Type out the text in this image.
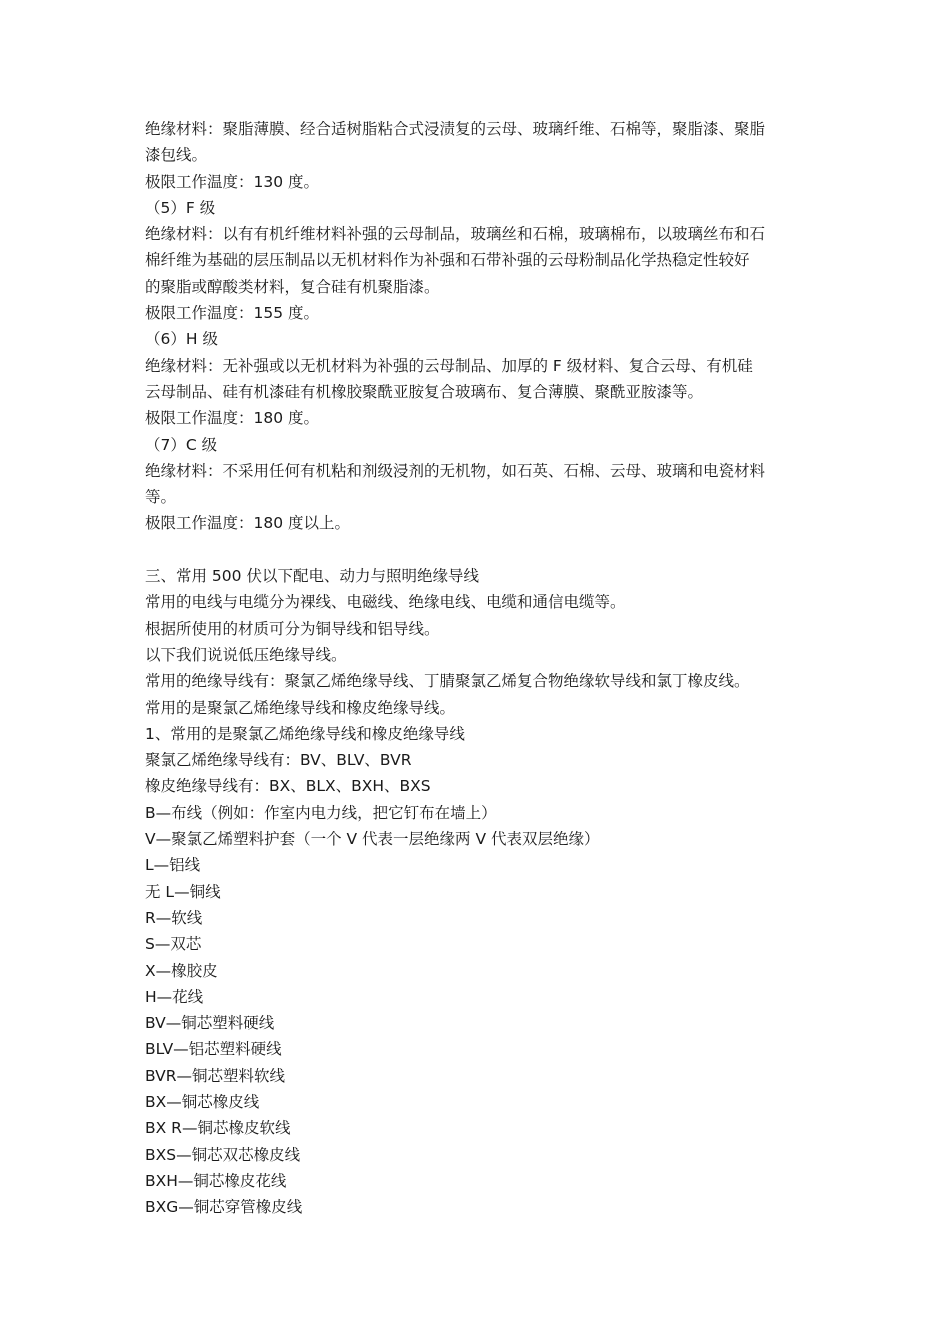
绝缘材料：聚脂薄膜、经合适树脂粘合式浸渍复的云母、玻璃纤维、石棉等，聚脂漆、聚脂
漆包线。
极限工作温度：130 度。
（5）F 级
绝缘材料：以有有机纤维材料补强的云母制品，玻璃丝和石棉，玻璃棉布，以玻璃丝布和石
棉纤维为基础的层压制品以无机材料作为补强和石带补强的云母粉制品化学热稳定性较好
的聚脂或醇酸类材料，复合硅有机聚脂漆。
极限工作温度：155 度。
（6）H 级
绝缘材料：无补强或以无机材料为补强的云母制品、加厚的 F 级材料、复合云母、有机硅
云母制品、硅有机漆硅有机橡胶聚酰亚胺复合玻璃布、复合薄膜、聚酰亚胺漆等。
极限工作温度：180 度。
（7）C 级
绝缘材料：不采用任何有机粘和剂级浸剂的无机物，如石英、石棉、云母、玻璃和电瓷材料
等。
极限工作温度：180 度以上。
三、常用 500 伏以下配电、动力与照明绝缘导线
常用的电线与电缆分为裸线、电磁线、绝缘电线、电缆和通信电缆等。
根据所使用的材质可分为铜导线和铝导线。
以下我们说说低压绝缘导线。
常用的绝缘导线有：聚氯乙烯绝缘导线、丁腈聚氯乙烯复合物绝缘软导线和氯丁橡皮线。
常用的是聚氯乙烯绝缘导线和橡皮绝缘导线。
1、常用的是聚氯乙烯绝缘导线和橡皮绝缘导线
聚氯乙烯绝缘导线有：BV、BLV、BVR
橡皮绝缘导线有：BX、BLX、BXH、BXS
B—布线（例如：作室内电力线，把它钉布在墙上）
V—聚氯乙烯塑料护套（一个 V 代表一层绝缘两 V 代表双层绝缘）
L—铝线
无 L—铜线
R—软线
S—双芯
X—橡胶皮
H—花线
BV—铜芯塑料硬线
BLV—铝芯塑料硬线
BVR—铜芯塑料软线
BX—铜芯橡皮线
BX R—铜芯橡皮软线
BXS—铜芯双芯橡皮线
BXH—铜芯橡皮花线
BXG—铜芯穿管橡皮线
